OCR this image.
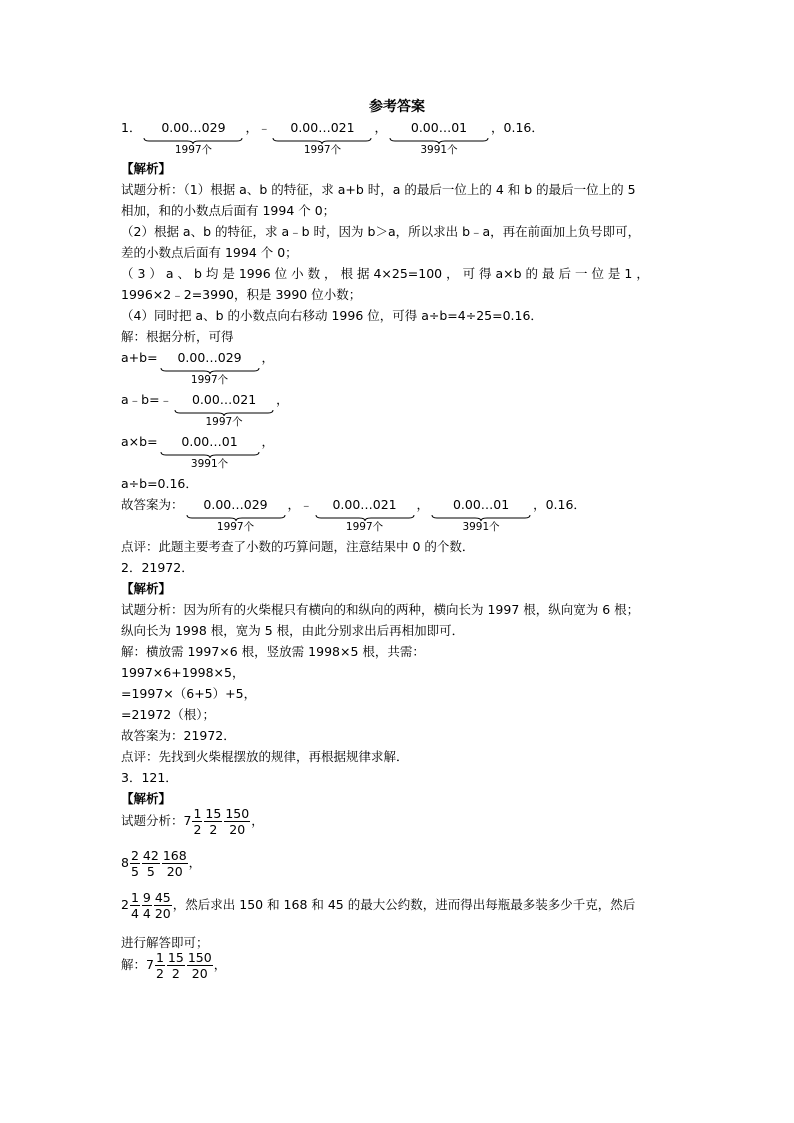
参考答案
1．	0.00…029
1997个
，﹣	0.00…021
1997个
，	0.00…01
3991个
，0.16．
【解析】
试题分析：（1）根据 a、b 的特征，求 a+b 时，a 的最后一位上的 4 和 b 的最后一位上的 5
相加，和的小数点后面有 1994 个 0；
（2）根据 a、b 的特征，求 a﹣b 时，因为 b＞a，所以求出 b﹣a，再在前面加上负号即可，
差的小数点后面有 1994 个 0；
（ 3 ） a 、 b 均 是 1996 位 小 数 ， 根 据 4×25=100 ， 可 得 a×b 的 最 后 一 位 是 1 ，
1996×2﹣2=3990，积是 3990 位小数；
（4）同时把 a、b 的小数点向右移动 1996 位，可得 a÷b=4÷25=0.16．
解：根据分析，可得
a+b=	0.00…029
1997个
，
a﹣b=﹣	0.00…021
1997个
，
a×b=	0.00…01
3991个
，
a÷b=0.16．
故答案为：	0.00…029
1997个
，﹣	0.00…021
1997个
，	0.00…01
3991个
，0.16．
点评：此题主要考查了小数的巧算问题，注意结果中 0 的个数．
2．21972．
【解析】
试题分析：因为所有的火柴棍只有横向的和纵向的两种，横向长为 1997 根，纵向宽为 6 根；
纵向长为 1998 根，宽为 5 根，由此分别求出后再相加即可．
解：横放需 1997×6 根，竖放需 1998×5 根，共需：
1997×6+1998×5，
=1997×（6+5）+5，
=21972（根）；
故答案为：21972．
点评：先找到火柴棍摆放的规律，再根据规律求解．
3．121．
【解析】
试题分析：$7 \frac{1}{2} \frac{15}{2} \frac{150}{20}$ ，
$8 \frac{2}{5} \frac{42}{5} \frac{168}{20}$ ，
$2 \frac{1}{4} \frac{9}{4} \frac{45}{20}$ ，然后求出 150 和 168 和 45 的最大公约数，进而得出每瓶最多装多少千克，然后
进行解答即可；
解：$7 \frac{1}{2} \frac{15}{2} \frac{150}{20}$ ，
